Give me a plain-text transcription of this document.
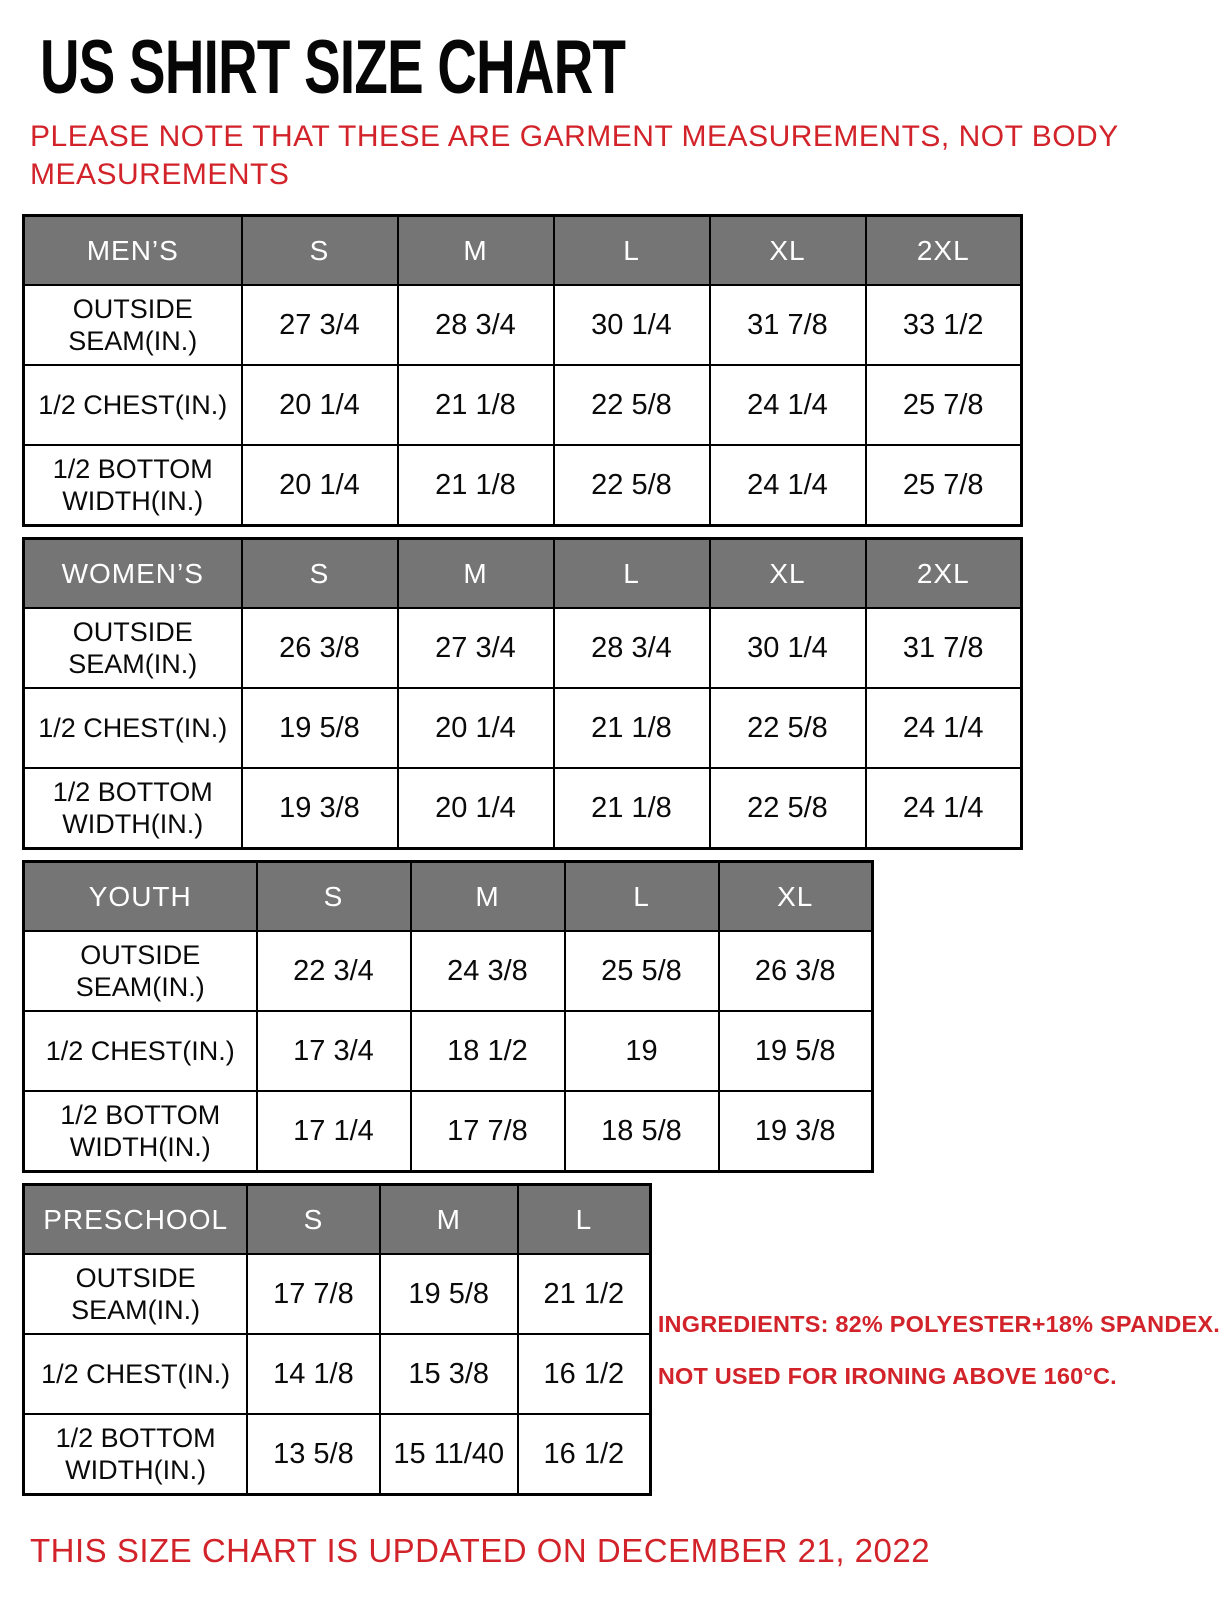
US SHIRT SIZE CHART

PLEASE NOTE THAT THESE ARE GARMENT MEASUREMENTS, NOT BODY MEASUREMENTS

MEN’S	S	M	L	XL	2XL
OUTSIDE SEAM(IN.)	27 3/4	28 3/4	30 1/4	31 7/8	33 1/2
1/2 CHEST(IN.)	20 1/4	21 1/8	22 5/8	24 1/4	25 7/8
1/2 BOTTOM WIDTH(IN.)	20 1/4	21 1/8	22 5/8	24 1/4	25 7/8
WOMEN’S	S	M	L	XL	2XL
OUTSIDE SEAM(IN.)	26 3/8	27 3/4	28 3/4	30 1/4	31 7/8
1/2 CHEST(IN.)	19 5/8	20 1/4	21 1/8	22 5/8	24 1/4
1/2 BOTTOM WIDTH(IN.)	19 3/8	20 1/4	21 1/8	22 5/8	24 1/4
YOUTH	S	M	L	XL
OUTSIDE SEAM(IN.)	22 3/4	24 3/8	25 5/8	26 3/8
1/2 CHEST(IN.)	17 3/4	18 1/2	19	19 5/8
1/2 BOTTOM WIDTH(IN.)	17 1/4	17 7/8	18 5/8	19 3/8
PRESCHOOL	S	M	L
OUTSIDE SEAM(IN.)	17 7/8	19 5/8	21 1/2
1/2 CHEST(IN.)	14 1/8	15 3/8	16 1/2
1/2 BOTTOM WIDTH(IN.)	13 5/8	15 11/40	16 1/2

INGREDIENTS: 82% POLYESTER+18% SPANDEX.

NOT USED FOR IRONING ABOVE 160°C.

THIS SIZE CHART IS UPDATED ON DECEMBER 21, 2022
